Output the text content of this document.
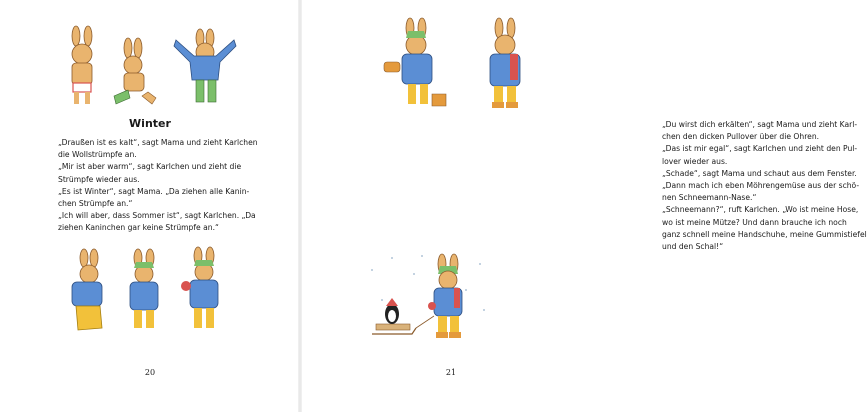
Winter
„Draußen ist es kalt“, sagt Mama und zieht Karlchen
die Wollstrümpfe an.
„Mir ist aber warm“, sagt Karlchen und zieht die
Strümpfe wieder aus.
„Es ist Winter“, sagt Mama. „Da ziehen alle Kanin-
chen Strümpfe an.“
„Ich will aber, dass Sommer ist“, sagt Karlchen. „Da
ziehen Kaninchen gar keine Strümpfe an.“
20
„Du wirst dich erkälten“, sagt Mama und zieht Karl-
chen den dicken Pullover über die Ohren.
„Das ist mir egal“, sagt Karlchen und zieht den Pul-
lover wieder aus.
„Schade“, sagt Mama und schaut aus dem Fenster.
„Dann mach ich eben Möhrengemüse aus der schö-
nen Schneemann-Nase.“
„Schneemann?“, ruft Karlchen. „Wo ist meine Hose,
wo ist meine Mütze? Und dann brauche ich noch
ganz schnell meine Handschuhe, meine Gummistiefel
und den Schal!“
21
